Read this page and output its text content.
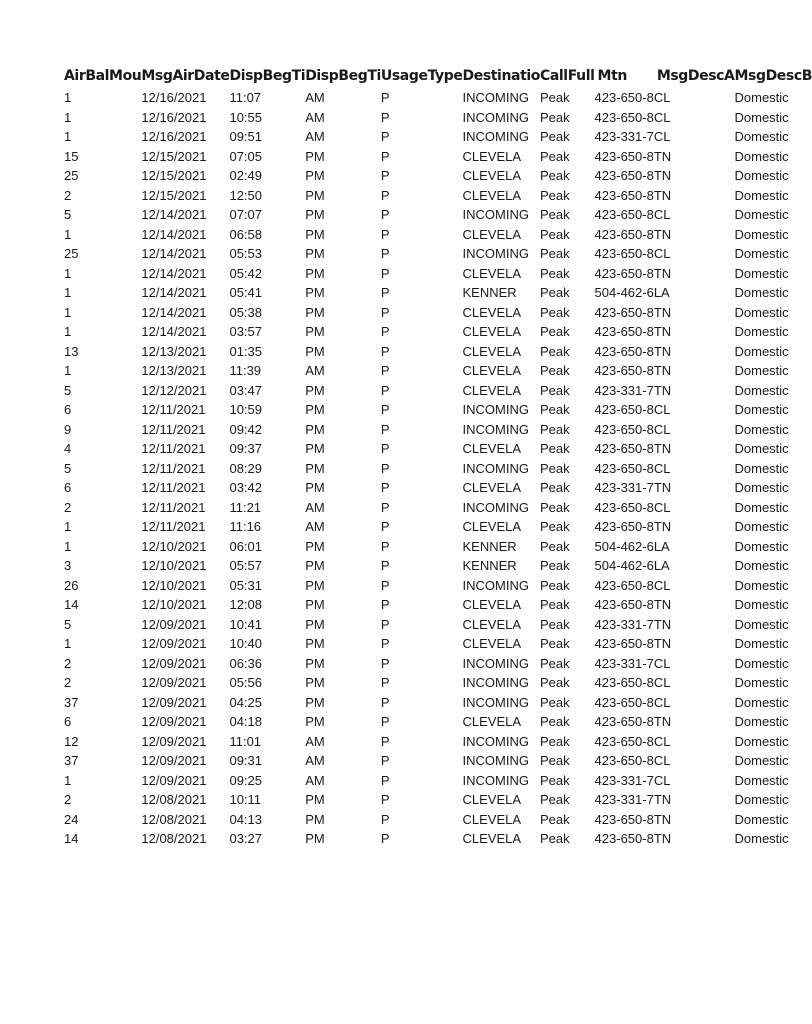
AirBalMou	MsgAirDate	DispBegTi	DispBegTi	UsageType	Destinatio	CallFull	Mtn	MsgDescA	MsgDescB
1	12/16/2021	11:07	AM	P	INCOMING	Peak	423-650-8	CL	Domestic
1	12/16/2021	10:55	AM	P	INCOMING	Peak	423-650-8	CL	Domestic
1	12/16/2021	09:51	AM	P	INCOMING	Peak	423-331-7	CL	Domestic
15	12/15/2021	07:05	PM	P	CLEVELA	Peak	423-650-8	TN	Domestic
25	12/15/2021	02:49	PM	P	CLEVELA	Peak	423-650-8	TN	Domestic
2	12/15/2021	12:50	PM	P	CLEVELA	Peak	423-650-8	TN	Domestic
5	12/14/2021	07:07	PM	P	INCOMING	Peak	423-650-8	CL	Domestic
1	12/14/2021	06:58	PM	P	CLEVELA	Peak	423-650-8	TN	Domestic
25	12/14/2021	05:53	PM	P	INCOMING	Peak	423-650-8	CL	Domestic
1	12/14/2021	05:42	PM	P	CLEVELA	Peak	423-650-8	TN	Domestic
1	12/14/2021	05:41	PM	P	KENNER	Peak	504-462-6	LA	Domestic
1	12/14/2021	05:38	PM	P	CLEVELA	Peak	423-650-8	TN	Domestic
1	12/14/2021	03:57	PM	P	CLEVELA	Peak	423-650-8	TN	Domestic
13	12/13/2021	01:35	PM	P	CLEVELA	Peak	423-650-8	TN	Domestic
1	12/13/2021	11:39	AM	P	CLEVELA	Peak	423-650-8	TN	Domestic
5	12/12/2021	03:47	PM	P	CLEVELA	Peak	423-331-7	TN	Domestic
6	12/11/2021	10:59	PM	P	INCOMING	Peak	423-650-8	CL	Domestic
9	12/11/2021	09:42	PM	P	INCOMING	Peak	423-650-8	CL	Domestic
4	12/11/2021	09:37	PM	P	CLEVELA	Peak	423-650-8	TN	Domestic
5	12/11/2021	08:29	PM	P	INCOMING	Peak	423-650-8	CL	Domestic
6	12/11/2021	03:42	PM	P	CLEVELA	Peak	423-331-7	TN	Domestic
2	12/11/2021	11:21	AM	P	INCOMING	Peak	423-650-8	CL	Domestic
1	12/11/2021	11:16	AM	P	CLEVELA	Peak	423-650-8	TN	Domestic
1	12/10/2021	06:01	PM	P	KENNER	Peak	504-462-6	LA	Domestic
3	12/10/2021	05:57	PM	P	KENNER	Peak	504-462-6	LA	Domestic
26	12/10/2021	05:31	PM	P	INCOMING	Peak	423-650-8	CL	Domestic
14	12/10/2021	12:08	PM	P	CLEVELA	Peak	423-650-8	TN	Domestic
5	12/09/2021	10:41	PM	P	CLEVELA	Peak	423-331-7	TN	Domestic
1	12/09/2021	10:40	PM	P	CLEVELA	Peak	423-650-8	TN	Domestic
2	12/09/2021	06:36	PM	P	INCOMING	Peak	423-331-7	CL	Domestic
2	12/09/2021	05:56	PM	P	INCOMING	Peak	423-650-8	CL	Domestic
37	12/09/2021	04:25	PM	P	INCOMING	Peak	423-650-8	CL	Domestic
6	12/09/2021	04:18	PM	P	CLEVELA	Peak	423-650-8	TN	Domestic
12	12/09/2021	11:01	AM	P	INCOMING	Peak	423-650-8	CL	Domestic
37	12/09/2021	09:31	AM	P	INCOMING	Peak	423-650-8	CL	Domestic
1	12/09/2021	09:25	AM	P	INCOMING	Peak	423-331-7	CL	Domestic
2	12/08/2021	10:11	PM	P	CLEVELA	Peak	423-331-7	TN	Domestic
24	12/08/2021	04:13	PM	P	CLEVELA	Peak	423-650-8	TN	Domestic
14	12/08/2021	03:27	PM	P	CLEVELA	Peak	423-650-8	TN	Domestic
